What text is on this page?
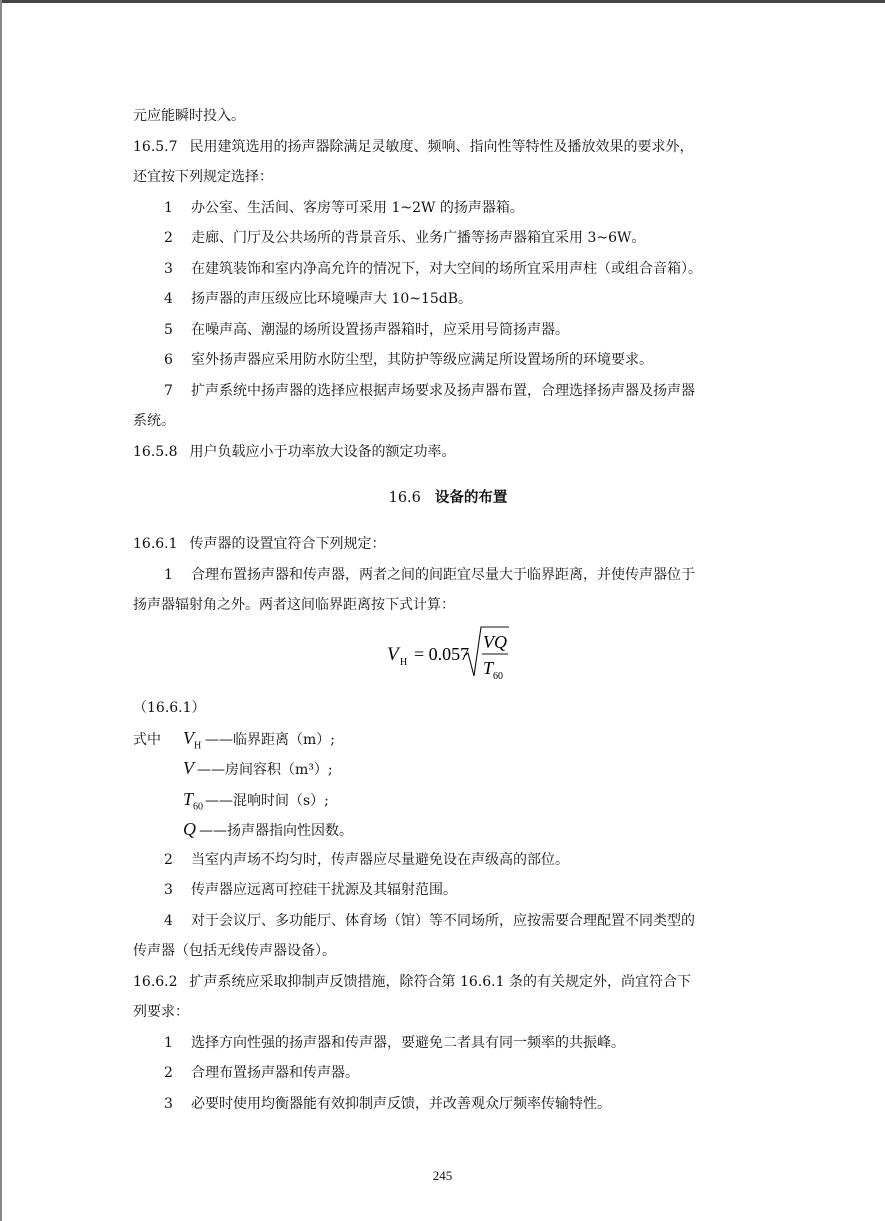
元应能瞬时投入。
16.5.7 民用建筑选用的扬声器除满足灵敏度、频响、指向性等特性及播放效果的要求外，
还宜按下列规定选择：
1 办公室、生活间、客房等可采用 1~2W 的扬声器箱。
2 走廊、门厅及公共场所的背景音乐、业务广播等扬声器箱宜采用 3~6W。
3 在建筑装饰和室内净高允许的情况下，对大空间的场所宜采用声柱（或组合音箱）。
4 扬声器的声压级应比环境噪声大 10~15dB。
5 在噪声高、潮湿的场所设置扬声器箱时，应采用号筒扬声器。
6 室外扬声器应采用防水防尘型，其防护等级应满足所设置场所的环境要求。
7 扩声系统中扬声器的选择应根据声场要求及扬声器布置，合理选择扬声器及扬声器
系统。
16.5.8 用户负载应小于功率放大设备的额定功率。
16.6 设备的布置
16.6.1 传声器的设置宜符合下列规定：
1 合理布置扬声器和传声器，两者之间的间距宜尽量大于临界距离，并使传声器位于
扬声器辐射角之外。两者这间临界距离按下式计算：
V H = 0.057
VQ
T 60
（16.6.1）
式中 $V_H$ ——临界距离（m）;
V ——房间容积（m³）;
$T_{60}$ ——混响时间（s）;
Q ——扬声器指向性因数。
2 当室内声场不均匀时，传声器应尽量避免设在声级高的部位。
3 传声器应远离可控硅干扰源及其辐射范围。
4 对于会议厅、多功能厅、体育场（馆）等不同场所，应按需要合理配置不同类型的
传声器（包括无线传声器设备）。
16.6.2 扩声系统应采取抑制声反馈措施，除符合第 16.6.1 条的有关规定外，尚宜符合下
列要求：
1 选择方向性强的扬声器和传声器，要避免二者具有同一频率的共振峰。
2 合理布置扬声器和传声器。
3 必要时使用均衡器能有效抑制声反馈，并改善观众厅频率传输特性。
245
